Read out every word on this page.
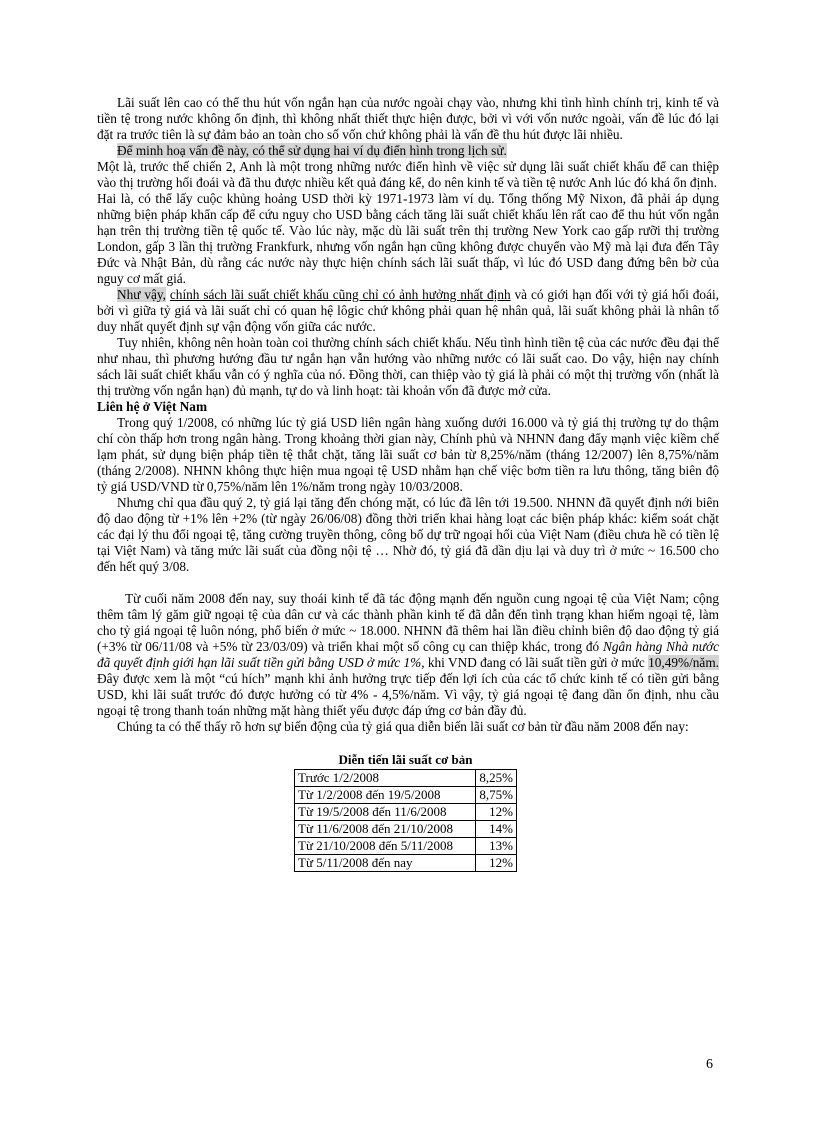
Lãi suất lên cao có thể thu hút vốn ngắn hạn của nước ngoài chạy vào, nhưng khi tình hình chính trị, kinh tế và tiền tệ trong nước không ổn định, thì không nhất thiết thực hiện được, bởi vì với vốn nước ngoài, vấn đề lúc đó lại đặt ra trước tiên là sự đảm bảo an toàn cho số vốn chứ không phải là vấn đề thu hút được lãi nhiều.

Để minh hoạ vấn đề này, có thể sử dụng hai ví dụ điển hình trong lịch sử.

Một là, trước thế chiến 2, Anh là một trong những nước điển hình về việc sử dụng lãi suất chiết khấu để can thiệp vào thị trường hối đoái và đã thu được nhiều kết quả đáng kể, do nên kinh tế và tiền tệ nước Anh lúc đó khá ổn định.

Hai là, có thể lấy cuộc khủng hoảng USD thời kỳ 1971-1973 làm ví dụ. Tổng thống Mỹ Nixon, đã phải áp dụng những biện pháp khẩn cấp để cứu nguy cho USD bằng cách tăng lãi suất chiết khấu lên rất cao để thu hút vốn ngắn hạn trên thị trường tiền tệ quốc tế. Vào lúc này, mặc dù lãi suất trên thị trường New York cao gấp rưỡi thị trường London, gấp 3 lần thị trường Frankfurk, nhưng vốn ngắn hạn cũng không được chuyển vào Mỹ mà lại đưa đến Tây Đức và Nhật Bản, dù rằng các nước này thực hiện chính sách lãi suất thấp, vì lúc đó USD đang đứng bên bờ của nguy cơ mất giá.

Như vậy, chính sách lãi suất chiết khấu cũng chỉ có ảnh hưởng nhất định và có giới hạn đối với tỷ giá hối đoái, bởi vì giữa tỷ giá và lãi suất chỉ có quan hệ lôgic chứ không phải quan hệ nhân quả, lãi suất không phải là nhân tố duy nhất quyết định sự vận động vốn giữa các nước.

Tuy nhiên, không nên hoàn toàn coi thường chính sách chiết khấu. Nếu tình hình tiền tệ của các nước đều đại thể như nhau, thì phương hướng đầu tư ngắn hạn vẫn hướng vào những nước có lãi suất cao. Do vậy, hiện nay chính sách lãi suất chiết khấu vẫn có ý nghĩa của nó. Đồng thời, can thiệp vào tỷ giá là phải có một thị trường vốn (nhất là thị trường vốn ngắn hạn) đủ mạnh, tự do và linh hoạt: tài khoản vốn đã được mở cửa.

Liên hệ ở Việt Nam

Trong quý 1/2008, có những lúc tỷ giá USD liên ngân hàng xuống dưới 16.000 và tỷ giá thị trường tự do thậm chí còn thấp hơn trong ngân hàng. Trong khoảng thời gian này, Chính phủ và NHNN đang đẩy mạnh việc kiềm chế lạm phát, sử dụng biện pháp tiền tệ thắt chặt, tăng lãi suất cơ bản từ 8,25%/năm (tháng 12/2007) lên 8,75%/năm (tháng 2/2008). NHNN không thực hiện mua ngoại tệ USD nhằm hạn chế việc bơm tiền ra lưu thông, tăng biên độ tỷ giá USD/VND từ 0,75%/năm lên 1%/năm trong ngày 10/03/2008.

Nhưng chỉ qua đầu quý 2, tỷ giá lại tăng đến chóng mặt, có lúc đã lên tới 19.500. NHNN đã quyết định nới biên độ dao động từ +1% lên +2% (từ ngày 26/06/08) đồng thời triển khai hàng loạt các biện pháp khác: kiểm soát chặt các đại lý thu đổi ngoại tệ, tăng cường truyền thông, công bố dự trữ ngoại hối của Việt Nam (điều chưa hề có tiền lệ tại Việt Nam) và tăng mức lãi suất của đồng nội tệ … Nhờ đó, tỷ giá đã dần dịu lại và duy trì ở mức ~ 16.500 cho đến hết quý 3/08.

Từ cuối năm 2008 đến nay, suy thoái kinh tế đã tác động mạnh đến nguồn cung ngoại tệ của Việt Nam; cộng thêm tâm lý găm giữ ngoại tệ của dân cư và các thành phần kinh tế đã dẫn đến tình trạng khan hiếm ngoại tệ, làm cho tỷ giá ngoại tệ luôn nóng, phổ biến ở mức ~ 18.000. NHNN đã thêm hai lần điều chỉnh biên độ dao động tỷ giá (+3% từ 06/11/08 và +5% từ 23/03/09) và triển khai một số công cụ can thiệp khác, trong đó Ngân hàng Nhà nước đã quyết định giới hạn lãi suất tiền gửi bằng USD ở mức 1%, khi VND đang có lãi suất tiền gửi ở mức 10,49%/năm. Đây được xem là một “cú hích” mạnh khi ảnh hưởng trực tiếp đến lợi ích của các tổ chức kinh tế có tiền gửi bằng USD, khi lãi suất trước đó được hưởng có từ 4% - 4,5%/năm. Vì vậy, tỷ giá ngoại tệ đang dần ổn định, nhu cầu ngoại tệ trong thanh toán những mặt hàng thiết yếu được đáp ứng cơ bản đầy đủ.

Chúng ta có thể thấy rõ hơn sự biến động của tỷ giá qua diễn biến lãi suất cơ bản từ đầu năm 2008 đến nay:

Diễn tiến lãi suất cơ bản	
Trước 1/2/2008	8,25%
Từ 1/2/2008 đến 19/5/2008	8,75%
Từ 19/5/2008 đến 11/6/2008	12%
Từ 11/6/2008 đến 21/10/2008	14%
Từ 21/10/2008 đến 5/11/2008	13%
Từ 5/11/2008 đến nay	12%
6
